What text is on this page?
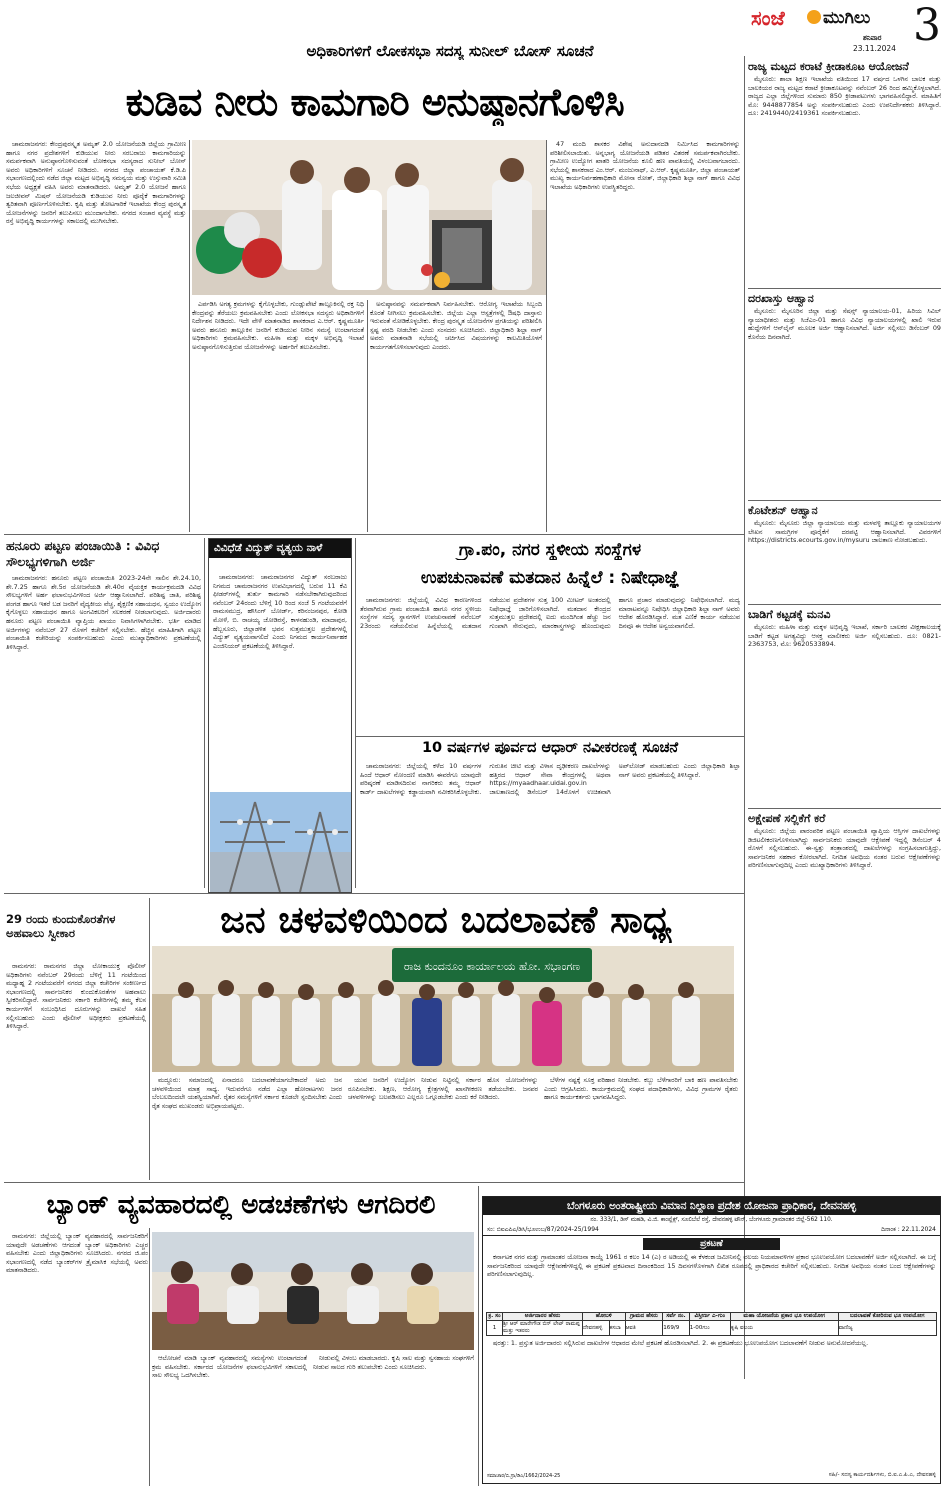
ಸಂಜೆ ಮುಗಿಲು
ಶನಿವಾರ
23.11.2024 3
ಅಧಿಕಾರಿಗಳಿಗೆ ಲೋಕಸಭಾ ಸದಸ್ಯ ಸುನೀಲ್ ಬೋಸ್ ಸೂಚನೆ
ಕುಡಿವ ನೀರು ಕಾಮಗಾರಿ ಅನುಷ್ಠಾನಗೊಳಿಸಿ

ಚಾಮರಾಜನಗರ: ಕೇಂದ್ರಪುರಸ್ಕೃತ ಅಮೃತ್ 2.0 ಯೋಜನೆಯಡಿ ಜಿಲ್ಲೆಯ ಗ್ರಾಮೀಣ ಹಾಗೂ ನಗರ ಪ್ರದೇಶಗಳಿಗೆ ಕುಡಿಯುವ ನೀರು ಸರಬರಾಜು ಕಾಮಗಾರಿಯನ್ನು ಸಮರ್ಪಕವಾಗಿ ಅನುಷ್ಠಾನಗೊಳಿಸುವಂತೆ ಲೋಕಸಭಾ ಸದಸ್ಯರಾದ ಸುನೀಲ್ ಬೋಸ್ ಅವರು ಅಧಿಕಾರಿಗಳಿಗೆ ಸೂಚನೆ ನೀಡಿದರು. ನಗರದ ಜಿಲ್ಲಾ ಪಂಚಾಯತ್ ಕೆ.ಡಿ.ಪಿ ಸಭಾಂಗಣದಲ್ಲಿಂದು ನಡೆದ ಜಿಲ್ಲಾ ಮಟ್ಟದ ಅಭಿವೃದ್ಧಿ ಸಮನ್ವಯ ಮತ್ತು ಉಸ್ತುವಾರಿ ಸಮಿತಿ ಸಭೆಯ ಅಧ್ಯಕ್ಷತೆ ವಹಿಸಿ ಅವರು ಮಾತನಾಡಿದರು. ಅಮೃತ್ 2.0 ಯೋಜನೆ ಹಾಗೂ ಜಲಜೀವನ್ ಮಿಷನ್ ಯೋಜನೆಯಡಿ ಕುಡಿಯುವ ನೀರು ಪೂರೈಕೆ ಕಾಮಗಾರಿಗಳನ್ನು ತ್ವರಿತವಾಗಿ ಪೂರ್ಣಗೊಳಿಸಬೇಕು. ಕೃಷಿ ಮತ್ತು ತೋಟಗಾರಿಕೆ ಇಲಾಖೆಯ ಕೇಂದ್ರ ಪುರಸ್ಕೃತ ಯೋಜನೆಗಳನ್ನು ಜನರಿಗೆ ತಲುಪಿಸಲು ಮುಂದಾಗಬೇಕು. ನಗರದ ಸಂಚಾರ ವ್ಯವಸ್ಥೆ ಮತ್ತು ರಸ್ತೆ ಅಭಿವೃದ್ಧಿ ಕಾರ್ಯಗಳನ್ನು ಸಕಾಲದಲ್ಲಿ ಮುಗಿಸಬೇಕು.

ಎರ್ಪಡಿಸಿ ಅಗತ್ಯ ಕ್ರಮಗಳನ್ನು ಕೈಗೊಳ್ಳಬೇಕು, ಗುಂಡ್ಲುಪೇಟೆ ತಾಲ್ಲೂಕಿನಲ್ಲಿ ರಕ್ತ ನಿಧಿ ಕೇಂದ್ರವನ್ನು ತೆರೆಯಲು ಕ್ರಮವಹಿಸಬೇಕು ಎಂದು ಲೋಕಸಭಾ ಸದಸ್ಯರು ಅಧಿಕಾರಿಗಳಿಗೆ ನಿರ್ದೇಶನ ನೀಡಿದರು. ಇದೇ ವೇಳೆ ಮಾತನಾಡಿದ ಶಾಸಕರಾದ ಎ.ಆರ್. ಕೃಷ್ಣಮೂರ್ತಿ ಅವರು ಹನೂರು ತಾಲ್ಲೂಕಿನ ಜನರಿಗೆ ಕುಡಿಯುವ ನೀರಿನ ಸಮಸ್ಯೆ ಉಂಟಾಗದಂತೆ ಅಧಿಕಾರಿಗಳು ಕ್ರಮವಹಿಸಬೇಕು. ಮಹಿಳಾ ಮತ್ತು ಮಕ್ಕಳ ಅಭಿವೃದ್ಧಿ ಇಲಾಖೆ ಅನುಷ್ಠಾನಗೊಳಿಸುತ್ತಿರುವ ಯೋಜನೆಗಳನ್ನು ಅರ್ಹರಿಗೆ ತಲುಪಿಸಬೇಕು.

ಅನುಷ್ಠಾನವನ್ನು ಸಮರ್ಪಕವಾಗಿ ನಿರ್ವಹಿಸಬೇಕು. ಆರೋಗ್ಯ ಇಲಾಖೆಯ ಸಿಬ್ಬಂದಿ ಕೊರತೆ ನೀಗಿಸಲು ಕ್ರಮವಹಿಸಬೇಕು. ಜಿಲ್ಲೆಯ ಎಲ್ಲಾ ಆಸ್ಪತ್ರೆಗಳಲ್ಲಿ ಔಷಧಿ ದಾಸ್ತಾನು ಇರುವಂತೆ ನೋಡಿಕೊಳ್ಳಬೇಕು. ಕೇಂದ್ರ ಪುರಸ್ಕೃತ ಯೋಜನೆಗಳ ಪ್ರಗತಿಯನ್ನು ಪರಿಶೀಲಿಸಿ ಸ್ಪಷ್ಟ ವರದಿ ನೀಡಬೇಕು ಎಂದು ಸಂಸದರು ಸೂಚಿಸಿದರು. ಜಿಲ್ಲಾಧಿಕಾರಿ ಶಿಲ್ಪಾ ನಾಗ್ ಅವರು ಮಾತನಾಡಿ ಸಭೆಯಲ್ಲಿ ಚರ್ಚಿಸಿದ ವಿಷಯಗಳನ್ನು ಕಾಲಮಿತಿಯೊಳಗೆ ಕಾರ್ಯಗತಗೊಳಿಸಲಾಗುವುದು ಎಂದರು.

47 ಮಂದಿ ಶಾಸಕರ ವಿಶೇಷ ಅನುದಾನದಡಿ ನಿರ್ಮಿಸಿದ ಕಾಮಗಾರಿಗಳನ್ನು ಪರಿಶೀಲಿಸಲಾಯಿತು. ಅನ್ನಭಾಗ್ಯ ಯೋಜನೆಯಡಿ ಪಡಿತರ ವಿತರಣೆ ಸಮರ್ಪಕವಾಗಿರಬೇಕು. ಗ್ರಾಮೀಣ ಉದ್ಯೋಗ ಖಾತರಿ ಯೋಜನೆಯ ಕೂಲಿ ಹಣ ಪಾವತಿಯಲ್ಲಿ ವಿಳಂಬವಾಗಬಾರದು. ಸಭೆಯಲ್ಲಿ ಶಾಸಕರಾದ ಎಂ.ಆರ್. ಮಂಜುನಾಥ್, ಎ.ಆರ್. ಕೃಷ್ಣಮೂರ್ತಿ, ಜಿಲ್ಲಾ ಪಂಚಾಯತ್ ಮುಖ್ಯ ಕಾರ್ಯನಿರ್ವಹಣಾಧಿಕಾರಿ ಮೋನಾ ರೋತ್, ಜಿಲ್ಲಾಧಿಕಾರಿ ಶಿಲ್ಪಾ ನಾಗ್ ಹಾಗೂ ವಿವಿಧ ಇಲಾಖೆಯ ಅಧಿಕಾರಿಗಳು ಉಪಸ್ಥಿತರಿದ್ದರು.

ಹನೂರು ಪಟ್ಟಣ ಪಂಚಾಯಿತಿ : ವಿವಿಧ ಸೌಲಭ್ಯಗಳಿಗಾಗಿ ಅರ್ಜಿ

ಚಾಮರಾಜನಗರ: ಹನೂರು ಪಟ್ಟಣ ಪಂಚಾಯಿತಿ 2023-24ನೇ ಸಾಲಿನ ಶೇ.24.10, ಶೇ.7.25 ಹಾಗೂ ಶೇ.5ರ ಯೋಜನೆಯಡಿ ಶೇ.40ರ ವೈಯಕ್ತಿಕ ಕಾರ್ಯಕ್ರಮದಡಿ ವಿವಿಧ ಸೌಲಭ್ಯಗಳಿಗೆ ಅರ್ಹ ಫಲಾನುಭವಿಗಳಿಂದ ಅರ್ಜಿ ಆಹ್ವಾನಿಸಲಾಗಿದೆ. ಪರಿಶಿಷ್ಟ ಜಾತಿ, ಪರಿಶಿಷ್ಟ ಪಂಗಡ ಹಾಗೂ ಇತರೆ ಬಡ ಜನರಿಗೆ ವೈದ್ಯಕೀಯ ವೆಚ್ಚ, ಶೈಕ್ಷಣಿಕ ಸಹಾಯಧನ, ಸ್ವಯಂ ಉದ್ಯೋಗ ಕೈಗೊಳ್ಳಲು ಸಹಾಯಧನ ಹಾಗೂ ಅಂಗವಿಕಲರಿಗೆ ಸಲಕರಣೆ ನೀಡಲಾಗುವುದು. ಅರ್ಜಿದಾರರು ಹನೂರು ಪಟ್ಟಣ ಪಂಚಾಯಿತಿ ವ್ಯಾಪ್ತಿಯ ಖಾಯಂ ನಿವಾಸಿಗಳಾಗಿರಬೇಕು. ಭರ್ತಿ ಮಾಡಿದ ಅರ್ಜಿಗಳನ್ನು ನವೆಂಬರ್ 27 ರೊಳಗೆ ಕಚೇರಿಗೆ ಸಲ್ಲಿಸಬೇಕು. ಹೆಚ್ಚಿನ ಮಾಹಿತಿಗಾಗಿ ಪಟ್ಟಣ ಪಂಚಾಯಿತಿ ಕಚೇರಿಯನ್ನು ಸಂಪರ್ಕಿಸಬಹುದು ಎಂದು ಮುಖ್ಯಾಧಿಕಾರಿಗಳು ಪ್ರಕಟಣೆಯಲ್ಲಿ ತಿಳಿಸಿದ್ದಾರೆ.

ವಿವಿಧೆಡೆ ವಿದ್ಯುತ್ ವ್ಯತ್ಯಯ ನಾಳೆ

ಚಾಮರಾಜನಗರ: ಚಾಮರಾಜನಗರ ವಿದ್ಯುತ್ ಸರಬರಾಜು ನಿಗಮದ ಚಾಮರಾಜನಗರ ಉಪವಿಭಾಗದಲ್ಲಿ ಬರುವ 11 ಕೆವಿ ಫೀಡರ್‌ಗಳಲ್ಲಿ ತುರ್ತು ಕಾಮಗಾರಿ ನಡೆಸಬೇಕಾಗಿರುವುದರಿಂದ ನವೆಂಬರ್ 24ರಂದು ಬೆಳಿಗ್ಗೆ 10 ರಿಂದ ಸಂಜೆ 5 ಗಂಟೆಯವರೆಗೆ ರಾಮಸಮುದ್ರ, ಹೌಸಿಂಗ್ ಬೋರ್ಡ್, ಕರಿನಂಜನಪುರ, ಕೋಡಿ ಮೋಳೆ, ಬಿ. ರಾಚಯ್ಯ ಜೋಡಿರಸ್ತೆ, ಕಾಳನಹುಂಡಿ, ಮಾದಾಪುರ, ಹೆಬ್ಬಸೂರು, ಜಿಲ್ಲಾಡಳಿತ ಭವನ ಸುತ್ತಮುತ್ತಲ ಪ್ರದೇಶಗಳಲ್ಲಿ ವಿದ್ಯುತ್ ವ್ಯತ್ಯಯವಾಗಲಿದೆ ಎಂದು ನಿಗಮದ ಕಾರ್ಯನಿರ್ವಾಹಕ ಎಂಜಿನಿಯರ್ ಪ್ರಕಟಣೆಯಲ್ಲಿ ತಿಳಿಸಿದ್ದಾರೆ.

ಗ್ರಾ.ಪಂ, ನಗರ ಸ್ಥಳೀಯ ಸಂಸ್ಥೆಗಳ
ಉಪಚುನಾವಣೆ ಮತದಾನ ಹಿನ್ನೆಲೆ : ನಿಷೇಧಾಜ್ಞೆ

ಚಾಮರಾಜನಗರ: ಜಿಲ್ಲೆಯಲ್ಲಿ ವಿವಿಧ ಕಾರಣಗಳಿಂದ ತೆರವಾಗಿರುವ ಗ್ರಾಮ ಪಂಚಾಯಿತಿ ಹಾಗೂ ನಗರ ಸ್ಥಳೀಯ ಸಂಸ್ಥೆಗಳ ಸದಸ್ಯ ಸ್ಥಾನಗಳಿಗೆ ಉಪಚುನಾವಣೆ ನವೆಂಬರ್ 23ರಂದು ನಡೆಯಲಿರುವ ಹಿನ್ನೆಲೆಯಲ್ಲಿ ಮತದಾನ ನಡೆಯುವ ಪ್ರದೇಶಗಳ ಸುತ್ತ 100 ಮೀಟರ್ ಅಂತರದಲ್ಲಿ ನಿಷೇಧಾಜ್ಞೆ ಜಾರಿಗೊಳಿಸಲಾಗಿದೆ. ಮತದಾನ ಕೇಂದ್ರದ ಸುತ್ತಮುತ್ತಲ ಪ್ರದೇಶದಲ್ಲಿ ಐದು ಮಂದಿಗಿಂತ ಹೆಚ್ಚು ಜನ ಗುಂಪಾಗಿ ಸೇರುವುದು, ಮಾರಕಾಸ್ತ್ರಗಳನ್ನು ಹೊಂದುವುದು ಹಾಗೂ ಪ್ರಚಾರ ಮಾಡುವುದನ್ನು ನಿಷೇಧಿಸಲಾಗಿದೆ. ಮದ್ಯ ಮಾರಾಟವನ್ನೂ ನಿಷೇಧಿಸಿ ಜಿಲ್ಲಾಧಿಕಾರಿ ಶಿಲ್ಪಾ ನಾಗ್ ಅವರು ಆದೇಶ ಹೊರಡಿಸಿದ್ದಾರೆ. ಮತ ಎಣಿಕೆ ಕಾರ್ಯ ನಡೆಯುವ ದಿನವೂ ಈ ಆದೇಶ ಅನ್ವಯವಾಗಲಿದೆ.

10 ವರ್ಷಗಳ ಪೂರ್ವದ ಆಧಾರ್ ನವೀಕರಣಕ್ಕೆ ಸೂಚನೆ

ಚಾಮರಾಜನಗರ: ಜಿಲ್ಲೆಯಲ್ಲಿ ಕಳೆದ 10 ವರ್ಷಗಳ ಹಿಂದೆ ಆಧಾರ್ ನೋಂದಣಿ ಮಾಡಿಸಿ ಈವರೆಗೂ ಯಾವುದೇ ಪರಿಷ್ಕರಣೆ ಮಾಡಿಸದಿರುವ ನಾಗರಿಕರು ತಮ್ಮ ಆಧಾರ್ ಕಾರ್ಡ್ ದಾಖಲೆಗಳನ್ನು ಕಡ್ಡಾಯವಾಗಿ ನವೀಕರಿಸಿಕೊಳ್ಳಬೇಕು. ಗುರುತಿನ ಚೀಟಿ ಮತ್ತು ವಿಳಾಸ ದೃಢೀಕರಣ ದಾಖಲೆಗಳನ್ನು ಹತ್ತಿರದ ಆಧಾರ್ ಸೇವಾ ಕೇಂದ್ರಗಳಲ್ಲಿ ಅಥವಾ https://myaadhaar.uidai.gov.in ಜಾಲತಾಣದಲ್ಲಿ ಡಿಸೆಂಬರ್ 14ರೊಳಗೆ ಉಚಿತವಾಗಿ ಅಪ್‌ಲೋಡ್ ಮಾಡಬಹುದು ಎಂದು ಜಿಲ್ಲಾಧಿಕಾರಿ ಶಿಲ್ಪಾ ನಾಗ್ ಅವರು ಪ್ರಕಟಣೆಯಲ್ಲಿ ತಿಳಿಸಿದ್ದಾರೆ.

ರಾಜ್ಯ ಮಟ್ಟದ ಕರಾಟೆ ಕ್ರೀಡಾಕೂಟ ಆಯೋಜನೆ

ಮೈಸೂರು: ಶಾಲಾ ಶಿಕ್ಷಣ ಇಲಾಖೆಯ ವತಿಯಿಂದ 17 ವರ್ಷದ ಒಳಗಿನ ಬಾಲಕ ಮತ್ತು ಬಾಲಕಿಯರ ರಾಜ್ಯ ಮಟ್ಟದ ಕರಾಟೆ ಕ್ರೀಡಾಕೂಟವನ್ನು ನವೆಂಬರ್ 26 ರಿಂದ ಹಮ್ಮಿಕೊಳ್ಳಲಾಗಿದೆ. ರಾಜ್ಯದ ಎಲ್ಲಾ ಜಿಲ್ಲೆಗಳಿಂದ ಸುಮಾರು 850 ಕ್ರೀಡಾಪಟುಗಳು ಭಾಗವಹಿಸಲಿದ್ದಾರೆ. ಮಾಹಿತಿಗೆ ಮೊ: 9448877854 ಅನ್ನು ಸಂಪರ್ಕಿಸಬಹುದು ಎಂದು ಉಪನಿರ್ದೇಶಕರು ತಿಳಿಸಿದ್ದಾರೆ. ದೂ: 2419440/2419361 ಸಂಪರ್ಕಿಸಬಹುದು.

ದರಖಾಸ್ತು ಆಹ್ವಾನ

ಮೈಸೂರು: ಮೈಸೂರಿನ ಜಿಲ್ಲಾ ಮತ್ತು ಸೆಷನ್ಸ್ ನ್ಯಾಯಾಲಯ-01, ಹಿರಿಯ ಸಿವಿಲ್ ನ್ಯಾಯಾಧೀಶರು ಮತ್ತು ಸಿಜೆಎಂ-01 ಹಾಗೂ ವಿವಿಧ ನ್ಯಾಯಾಲಯಗಳಲ್ಲಿ ಖಾಲಿ ಇರುವ ಹುದ್ದೆಗಳಿಗೆ ಆನ್‌ಲೈನ್ ಮೂಲಕ ಅರ್ಜಿ ಆಹ್ವಾನಿಸಲಾಗಿದೆ. ಅರ್ಜಿ ಸಲ್ಲಿಸಲು ಡಿಸೆಂಬರ್ 09 ಕೊನೆಯ ದಿನವಾಗಿದೆ.

ಕೊಟೇಶನ್ ಆಹ್ವಾನ

ಮೈಸೂರು: ಮೈಸೂರು ಜಿಲ್ಲಾ ನ್ಯಾಯಾಲಯ ಮತ್ತು ಮಳವಳ್ಳಿ ತಾಲ್ಲೂಕು ನ್ಯಾಯಾಲಯಗಳ ಲೇಖನ ಸಾಮಗ್ರಿಗಳ ಪೂರೈಕೆಗೆ ದರಪಟ್ಟಿ ಆಹ್ವಾನಿಸಲಾಗಿದೆ. ವಿವರಗಳಿಗೆ https://districts.ecourts.gov.in/mysuru ಜಾಲತಾಣ ನೋಡಬಹುದು.

ಬಾಡಿಗೆ ಕಟ್ಟಡಕ್ಕೆ ಮನವಿ

ಮೈಸೂರು: ಮಹಿಳಾ ಮತ್ತು ಮಕ್ಕಳ ಅಭಿವೃದ್ಧಿ ಇಲಾಖೆ, ಸರ್ಕಾರಿ ಬಾಲಕರ ವೀಕ್ಷಣಾಲಯಕ್ಕೆ ಬಾಡಿಗೆ ಕಟ್ಟಡ ಅಗತ್ಯವಿದ್ದು ಆಸಕ್ತ ಮಾಲೀಕರು ಅರ್ಜಿ ಸಲ್ಲಿಸಬಹುದು. ದೂ: 0821-2363753, ಮೊ: 9620533894.

ಅಕ್ಷೇಪಣೆ ಸಲ್ಲಿಕೆಗೆ ಕರೆ

ಮೈಸೂರು: ಜಿಲ್ಲೆಯ ಪಾರಂಪರಿಕ ಪಟ್ಟಣ ಪಂಚಾಯಿತಿ ವ್ಯಾಪ್ತಿಯ ಆಸ್ತಿಗಳ ದಾಖಲೆಗಳನ್ನು ಡಿಜಿಟಲೀಕರಣಗೊಳಿಸಲಾಗಿದ್ದು ಸಾರ್ವಜನಿಕರು ಯಾವುದೇ ಆಕ್ಷೇಪಣೆ ಇದ್ದಲ್ಲಿ ಡಿಸೆಂಬರ್ 4 ರೊಳಗೆ ಸಲ್ಲಿಸಬಹುದು. ಈ-ಸ್ವತ್ತು ತಂತ್ರಾಂಶದಲ್ಲಿ ದಾಖಲೆಗಳನ್ನು ಸಂಗ್ರಹಿಸಲಾಗುತ್ತಿದ್ದು, ಸಾರ್ವಜನಿಕರ ಸಹಕಾರ ಕೋರಲಾಗಿದೆ. ನಿಗದಿತ ಅವಧಿಯ ನಂತರ ಬರುವ ಆಕ್ಷೇಪಣೆಗಳನ್ನು ಪರಿಗಣಿಸಲಾಗುವುದಿಲ್ಲ ಎಂದು ಮುಖ್ಯಾಧಿಕಾರಿಗಳು ತಿಳಿಸಿದ್ದಾರೆ.

29 ರಂದು ಕುಂದುಕೊರತೆಗಳ ಅಹವಾಲು ಸ್ವೀಕಾರ

ರಾಮನಗರ: ರಾಮನಗರ ಜಿಲ್ಲಾ ಲೋಕಾಯುಕ್ತ ಪೊಲೀಸ್ ಅಧಿಕಾರಿಗಳು ನವೆಂಬರ್ 29ರಂದು ಬೆಳಿಗ್ಗೆ 11 ಗಂಟೆಯಿಂದ ಮಧ್ಯಾಹ್ನ 2 ಗಂಟೆಯವರೆಗೆ ನಗರದ ಜಿಲ್ಲಾ ಕಚೇರಿಗಳ ಸಂಕೀರ್ಣದ ಸಭಾಂಗಣದಲ್ಲಿ ಸಾರ್ವಜನಿಕರ ಕುಂದುಕೊರತೆಗಳ ಅಹವಾಲು ಸ್ವೀಕರಿಸಲಿದ್ದಾರೆ. ಸಾರ್ವಜನಿಕರು ಸರ್ಕಾರಿ ಕಚೇರಿಗಳಲ್ಲಿ ತಮ್ಮ ಕೆಲಸ ಕಾರ್ಯಗಳಿಗೆ ಸಂಬಂಧಿಸಿದ ದೂರುಗಳನ್ನು ದಾಖಲೆ ಸಹಿತ ಸಲ್ಲಿಸಬಹುದು ಎಂದು ಪೊಲೀಸ್ ಅಧೀಕ್ಷಕರು ಪ್ರಕಟಣೆಯಲ್ಲಿ ತಿಳಿಸಿದ್ದಾರೆ.

ಜನ ಚಳವಳಿಯಿಂದ ಬದಲಾವಣೆ ಸಾಧ್ಯ
ರಾಜ ಕುಂದನೂಂ ಕಾರ್ಯಾಲಯ ಹೋ. ಸಭಾಂಗಣ

ಮದ್ದೂರು: ಸಮಾಜದಲ್ಲಿ ಏನಾದರೂ ಬದಲಾವಣೆಯಾಗಬೇಕಾದರೆ ಅದು ಜನ ಚಳವಳಿಯಿಂದ ಮಾತ್ರ ಸಾಧ್ಯ. ಇದುವರೆಗೂ ನಡೆದ ಎಲ್ಲಾ ಹೋರಾಟಗಳು ಜನರ ಬೆಂಬಲದಿಂದಲೇ ಯಶಸ್ವಿಯಾಗಿವೆ. ರೈತರ ಸಮಸ್ಯೆಗಳಿಗೆ ಸರ್ಕಾರ ಕೂಡಲೇ ಸ್ಪಂದಿಸಬೇಕು ಎಂದು ರೈತ ಸಂಘದ ಮುಖಂಡರು ಅಭಿಪ್ರಾಯಪಟ್ಟರು.

ಯುವ ಜನರಿಗೆ ಉದ್ಯೋಗ ನೀಡುವ ನಿಟ್ಟಿನಲ್ಲಿ ಸರ್ಕಾರ ಹೊಸ ಯೋಜನೆಗಳನ್ನು ರೂಪಿಸಬೇಕು. ಶಿಕ್ಷಣ, ಆರೋಗ್ಯ ಕ್ಷೇತ್ರಗಳಲ್ಲಿ ಖಾಸಗೀಕರಣ ತಡೆಯಬೇಕು. ಜನಪರ ಚಳವಳಿಗಳನ್ನು ಬಲಪಡಿಸಲು ಎಲ್ಲರೂ ಒಗ್ಗೂಡಬೇಕು ಎಂದು ಕರೆ ನೀಡಿದರು.

ಬೆಳೆಗಳ ನಷ್ಟಕ್ಕೆ ಸೂಕ್ತ ಪರಿಹಾರ ನೀಡಬೇಕು. ಕಬ್ಬು ಬೆಳೆಗಾರರಿಗೆ ಬಾಕಿ ಹಣ ಪಾವತಿಸಬೇಕು ಎಂದು ಆಗ್ರಹಿಸಿದರು. ಕಾರ್ಯಕ್ರಮದಲ್ಲಿ ಸಂಘದ ಪದಾಧಿಕಾರಿಗಳು, ವಿವಿಧ ಗ್ರಾಮಗಳ ರೈತರು ಹಾಗೂ ಕಾರ್ಯಕರ್ತರು ಭಾಗವಹಿಸಿದ್ದರು.

ಬ್ಯಾಂಕ್ ವ್ಯವಹಾರದಲ್ಲಿ ಅಡಚಣೆಗಳು ಆಗದಿರಲಿ

ರಾಮನಗರ: ಜಿಲ್ಲೆಯಲ್ಲಿ ಬ್ಯಾಂಕ್ ವ್ಯವಹಾರದಲ್ಲಿ ಸಾರ್ವಜನಿಕರಿಗೆ ಯಾವುದೇ ಅಡಚಣೆಗಳು ಆಗದಂತೆ ಬ್ಯಾಂಕ್ ಅಧಿಕಾರಿಗಳು ಎಚ್ಚರ ವಹಿಸಬೇಕು ಎಂದು ಜಿಲ್ಲಾಧಿಕಾರಿಗಳು ಸೂಚಿಸಿದರು. ನಗರದ ಜಿ.ಪಂ ಸಭಾಂಗಣದಲ್ಲಿ ನಡೆದ ಬ್ಯಾಂಕರ್‌ಗಳ ತ್ರೈಮಾಸಿಕ ಸಭೆಯಲ್ಲಿ ಅವರು ಮಾತನಾಡಿದರು.

ಆಲೋಚನೆ ಮಾಡಿ ಬ್ಯಾಂಕ್ ವ್ಯವಹಾರದಲ್ಲಿ ಸಮಸ್ಯೆಗಳು ಉಂಟಾಗದಂತೆ ಕ್ರಮ ವಹಿಸಬೇಕು. ಸರ್ಕಾರದ ಯೋಜನೆಗಳ ಫಲಾನುಭವಿಗಳಿಗೆ ಸಕಾಲದಲ್ಲಿ ಸಾಲ ಸೌಲಭ್ಯ ಒದಗಿಸಬೇಕು.

ನೀಡುವಲ್ಲಿ ವಿಳಂಬ ಮಾಡಬಾರದು. ಕೃಷಿ ಸಾಲ ಮತ್ತು ಸ್ವಸಹಾಯ ಸಂಘಗಳಿಗೆ ನೀಡುವ ಸಾಲದ ಗುರಿ ತಲುಪಬೇಕು ಎಂದು ಸೂಚಿಸಿದರು.

ಬೆಂಗಳೂರು ಅಂತರಾಷ್ಟ್ರೀಯ ವಿಮಾನ ನಿಲ್ದಾಣ ಪ್ರದೇಶ ಯೋಜನಾ ಪ್ರಾಧಿಕಾರ, ದೇವನಹಳ್ಳಿ
ನಂ. 333/1, ಡಿಸ್ ಮಹಡಿ, ವಿ.ಜಿ. ಕಾಂಪ್ಲೆಕ್ಸ್, ಸೂಲಿಬೆಲೆ ರಸ್ತೆ, ದೇವನಹಳ್ಳಿ ಟೌನ್, ಬೆಂಗಳೂರು ಗ್ರಾಮಾಂತರ ಜಿಲ್ಲೆ-562 110.
ಸಂ: ಬಿಐಎಪಿಎ/ಡಿಸಿ/ಭೂಉಬ/87/2024-25/1994	ದಿನಾಂಕ : 22.11.2024
ಪ್ರಕಟಣೆ

ಕರ್ನಾಟಕ ನಗರ ಮತ್ತು ಗ್ರಾಮಾಂತರ ಯೋಜನಾ ಕಾಯ್ದೆ 1961 ರ ಕಲಂ 14 (ಎ) ರ ಅಡಿಯಲ್ಲಿ ಈ ಕೆಳಕಂಡ ಜಮೀನಿನಲ್ಲಿ ವಲಯ ನಿಯಮಾವಳಿಗಳ ಪ್ರಕಾರ ಭೂಉಪಯೋಗ ಬದಲಾವಣೆಗೆ ಅರ್ಜಿ ಸಲ್ಲಿಸಲಾಗಿದೆ. ಈ ಬಗ್ಗೆ ಸಾರ್ವಜನಿಕರಿಂದ ಯಾವುದೇ ಆಕ್ಷೇಪಣೆಗಳಿದ್ದಲ್ಲಿ ಈ ಪ್ರಕಟಣೆ ಪ್ರಕಟವಾದ ದಿನಾಂಕದಿಂದ 15 ದಿವಸಗಳೊಳಗಾಗಿ ಲಿಖಿತ ರೂಪದಲ್ಲಿ ಪ್ರಾಧಿಕಾರದ ಕಚೇರಿಗೆ ಸಲ್ಲಿಸಬಹುದು. ನಿಗದಿತ ಅವಧಿಯ ನಂತರ ಬಂದ ಆಕ್ಷೇಪಣೆಗಳನ್ನು ಪರಿಗಣಿಸಲಾಗುವುದಿಲ್ಲ.

ಕ್ರ. ಸಂ	ಅರ್ಜಿದಾರರ ಹೆಸರು	ಹೋಬಳಿ		ಗ್ರಾಮದ ಹೆಸರು	ಸರ್ವೆ ನಂ.	ವಿಸ್ತೀರ್ಣ ಎ-ಗುಂ	ಮಹಾ ಯೋಜನೆಯ ಪ್ರಕಾರ ಭೂ ಉಪಯೋಗ	ಬದಲಾವಣೆ ಕೋರಿರುವ ಭೂ ಉಪಯೋಗ
1	ಶ್ರೀ ಆರ್ ಮಾರೇಗೌಡ ಬಿನ್ ಲೇಟ್ ರಾಮಪ್ಪ ಮತ್ತು ಇತರರು	ದೇವನಹಳ್ಳಿ	ಕಸಬಾ	ಆವತಿ	169/9	1-00ಗುಂ	ಕೃಷಿ ವಲಯ	ವಾಣಿಜ್ಯ

ಷರತ್ತು: 1. ಪ್ರಸ್ತುತ ಅರ್ಜಿದಾರರು ಸಲ್ಲಿಸಿರುವ ದಾಖಲೆಗಳ ಆಧಾರದ ಮೇಲೆ ಪ್ರಕಟಣೆ ಹೊರಡಿಸಲಾಗಿದೆ. 2. ಈ ಪ್ರಕಟಣೆಯು ಭೂಉಪಯೋಗ ಬದಲಾವಣೆಗೆ ನೀಡುವ ಅನುಮೋದನೆಯಲ್ಲ.

ಸಮಾಚಾರ/ಬಿ.ಗ್ರಾ/ಡಿಎ/1662/2024-25	ಸಹಿ/- ಸದಸ್ಯ ಕಾರ್ಯದರ್ಶಿಗಳು, ಬಿ.ಐ.ಎ.ಪಿ.ಎ, ದೇವನಹಳ್ಳಿ
